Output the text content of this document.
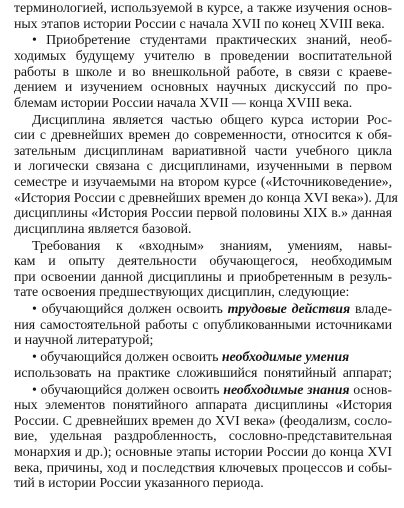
терминологией, используемой в курсе, а также изучения основ-
ных этапов истории России с начала XVII по конец XVIII века.
• Приобретение студентами практических знаний, необ-
ходимых будущему учителю в проведении воспитательной
работы в школе и во внешкольной работе, в связи с краеве-
дением и изучением основных научных дискуссий по про-
блемам истории России начала XVII — конца XVIII века.
Дисциплина является частью общего курса истории Рос-
сии с древнейших времен до современности, относится к обя-
зательным дисциплинам вариативной части учебного цикла
и логически связана с дисциплинами, изученными в первом
семестре и изучаемыми на втором курсе («Источниковедение»,
«История России с древнейших времен до конца XVI века»). Для
дисциплины «История России первой половины XIX в.» данная
дисциплина является базовой.
Требования к «входным» знаниям, умениям, навы-
кам и опыту деятельности обучающегося, необходимым
при освоении данной дисциплины и приобретенным в резуль-
тате освоения предшествующих дисциплин, следующие:
• обучающийся должен освоить трудовые действия владе-
ния самостоятельной работы с опубликованными источниками
и научной литературой;
• обучающийся должен освоить необходимые умения
использовать на практике сложившийся понятийный аппарат;
• обучающийся должен освоить необходимые знания основ-
ных элементов понятийного аппарата дисциплины «История
России. С древнейших времен до XVI века» (феодализм, сосло-
вие, удельная раздробленность, сословно-представительная
монархия и др.); основные этапы истории России до конца XVI
века, причины, ход и последствия ключевых процессов и собы-
тий в истории России указанного периода.
